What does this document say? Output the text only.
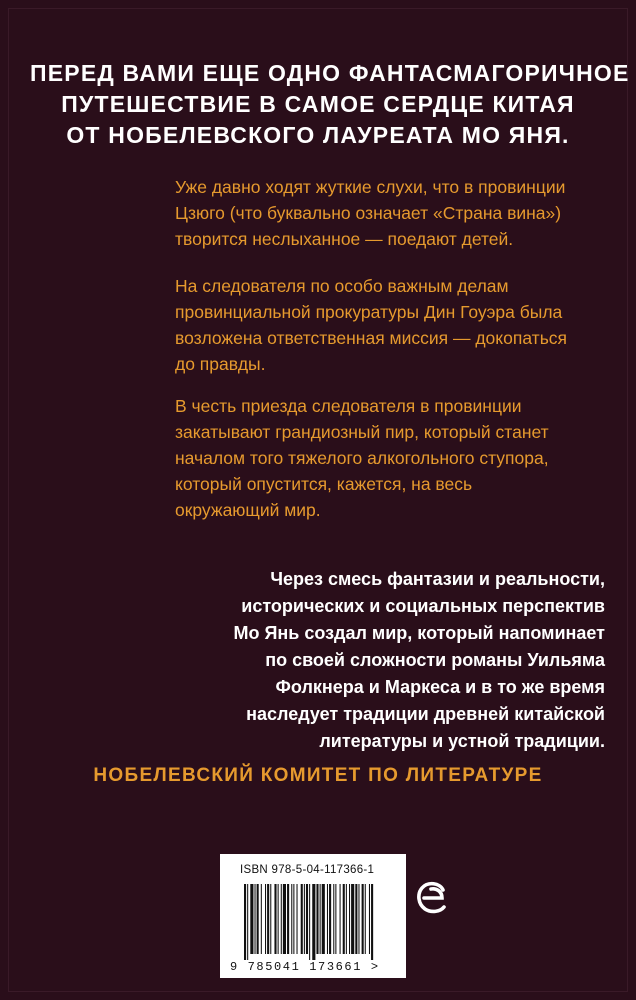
ПЕРЕД ВАМИ ЕЩЕ ОДНО ФАНТАСМАГОРИЧНОЕ
ПУТЕШЕСТВИЕ В САМОЕ СЕРДЦЕ КИТАЯ
ОТ НОБЕЛЕВСКОГО ЛАУРЕАТА МО ЯНЯ.

Уже давно ходят жуткие слухи, что в провинции
Цзюго (что буквально означает «Страна вина»)
творится неслыханное — поедают детей.

На следователя по особо важным делам
провинциальной прокуратуры Дин Гоуэра была
возложена ответственная миссия — докопаться
до правды.

В честь приезда следователя в провинции
закатывают грандиозный пир, который станет
началом того тяжелого алкогольного ступора,
который опустится, кажется, на весь
окружающий мир.

Через смесь фантазии и реальности,
исторических и социальных перспектив
Мо Янь создал мир, который напоминает
по своей сложности романы Уильяма
Фолкнера и Маркеса и в то же время
наследует традиции древней китайской
литературы и устной традиции.

НОБЕЛЕВСКИЙ КОМИТЕТ ПО ЛИТЕРАТУРЕ

ISBN 978-5-04-117366-1
9 785041 173661 >
